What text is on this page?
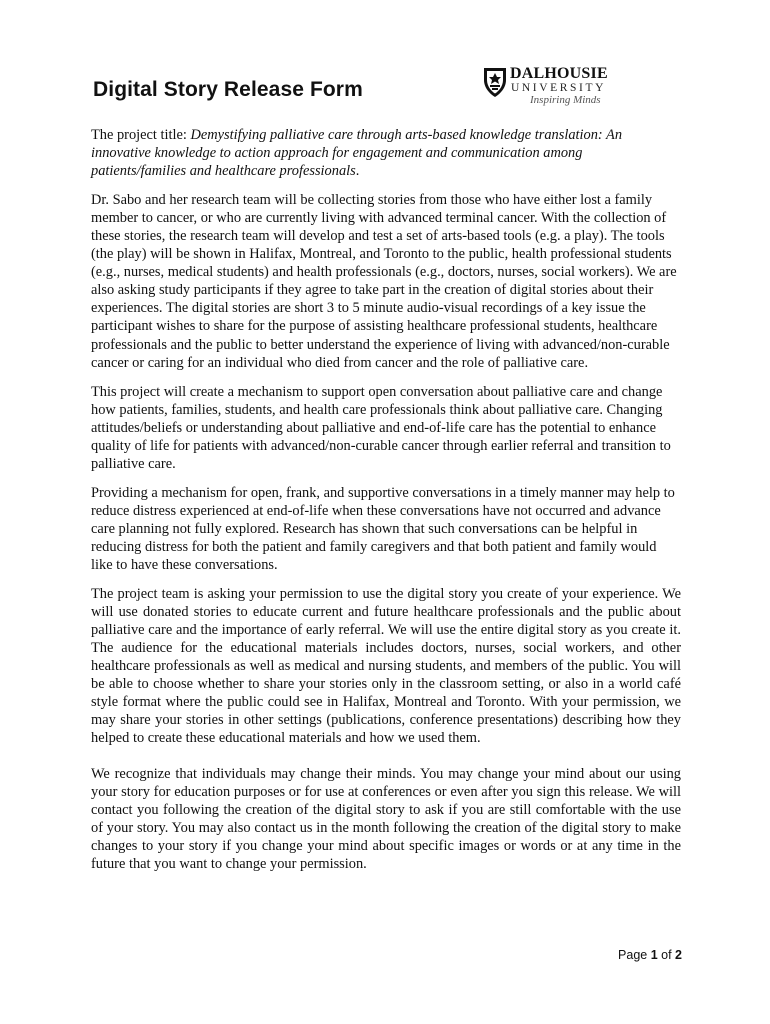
Digital Story Release Form
DALHOUSIE
UNIVERSITY
Inspiring Minds

The project title: Demystifying palliative care through arts-based knowledge translation: An innovative knowledge to action approach for engagement and communication among patients/families and healthcare professionals.

Dr. Sabo and her research team will be collecting stories from those who have either lost a family member to cancer, or who are currently living with advanced terminal cancer. With the collection of these stories, the research team will develop and test a set of arts-based tools (e.g. a play). The tools (the play) will be shown in Halifax, Montreal, and Toronto to the public, health professional students (e.g., nurses, medical students) and health professionals (e.g., doctors, nurses, social workers). We are also asking study participants if they agree to take part in the creation of digital stories about their experiences. The digital stories are short 3 to 5 minute audio-visual recordings of a key issue the participant wishes to share for the purpose of assisting healthcare professional students, healthcare professionals and the public to better understand the experience of living with advanced/non-curable cancer or caring for an individual who died from cancer and the role of palliative care.

This project will create a mechanism to support open conversation about palliative care and change how patients, families, students, and health care professionals think about palliative care. Changing attitudes/beliefs or understanding about palliative and end-of-life care has the potential to enhance quality of life for patients with advanced/non-curable cancer through earlier referral and transition to palliative care.

Providing a mechanism for open, frank, and supportive conversations in a timely manner may help to reduce distress experienced at end-of-life when these conversations have not occurred and advance care planning not fully explored. Research has shown that such conversations can be helpful in reducing distress for both the patient and family caregivers and that both patient and family would like to have these conversations.

The project team is asking your permission to use the digital story you create of your experience. We will use donated stories to educate current and future healthcare professionals and the public about palliative care and the importance of early referral. We will use the entire digital story as you create it. The audience for the educational materials includes doctors, nurses, social workers, and other healthcare professionals as well as medical and nursing students, and members of the public. You will be able to choose whether to share your stories only in the classroom setting, or also in a world café style format where the public could see in Halifax, Montreal and Toronto. With your permission, we may share your stories in other settings (publications, conference presentations) describing how they helped to create these educational materials and how we used them.

We recognize that individuals may change their minds. You may change your mind about our using your story for education purposes or for use at conferences or even after you sign this release. We will contact you following the creation of the digital story to ask if you are still comfortable with the use of your story. You may also contact us in the month following the creation of the digital story to make changes to your story if you change your mind about specific images or words or at any time in the future that you want to change your permission.

Page 1 of 2
